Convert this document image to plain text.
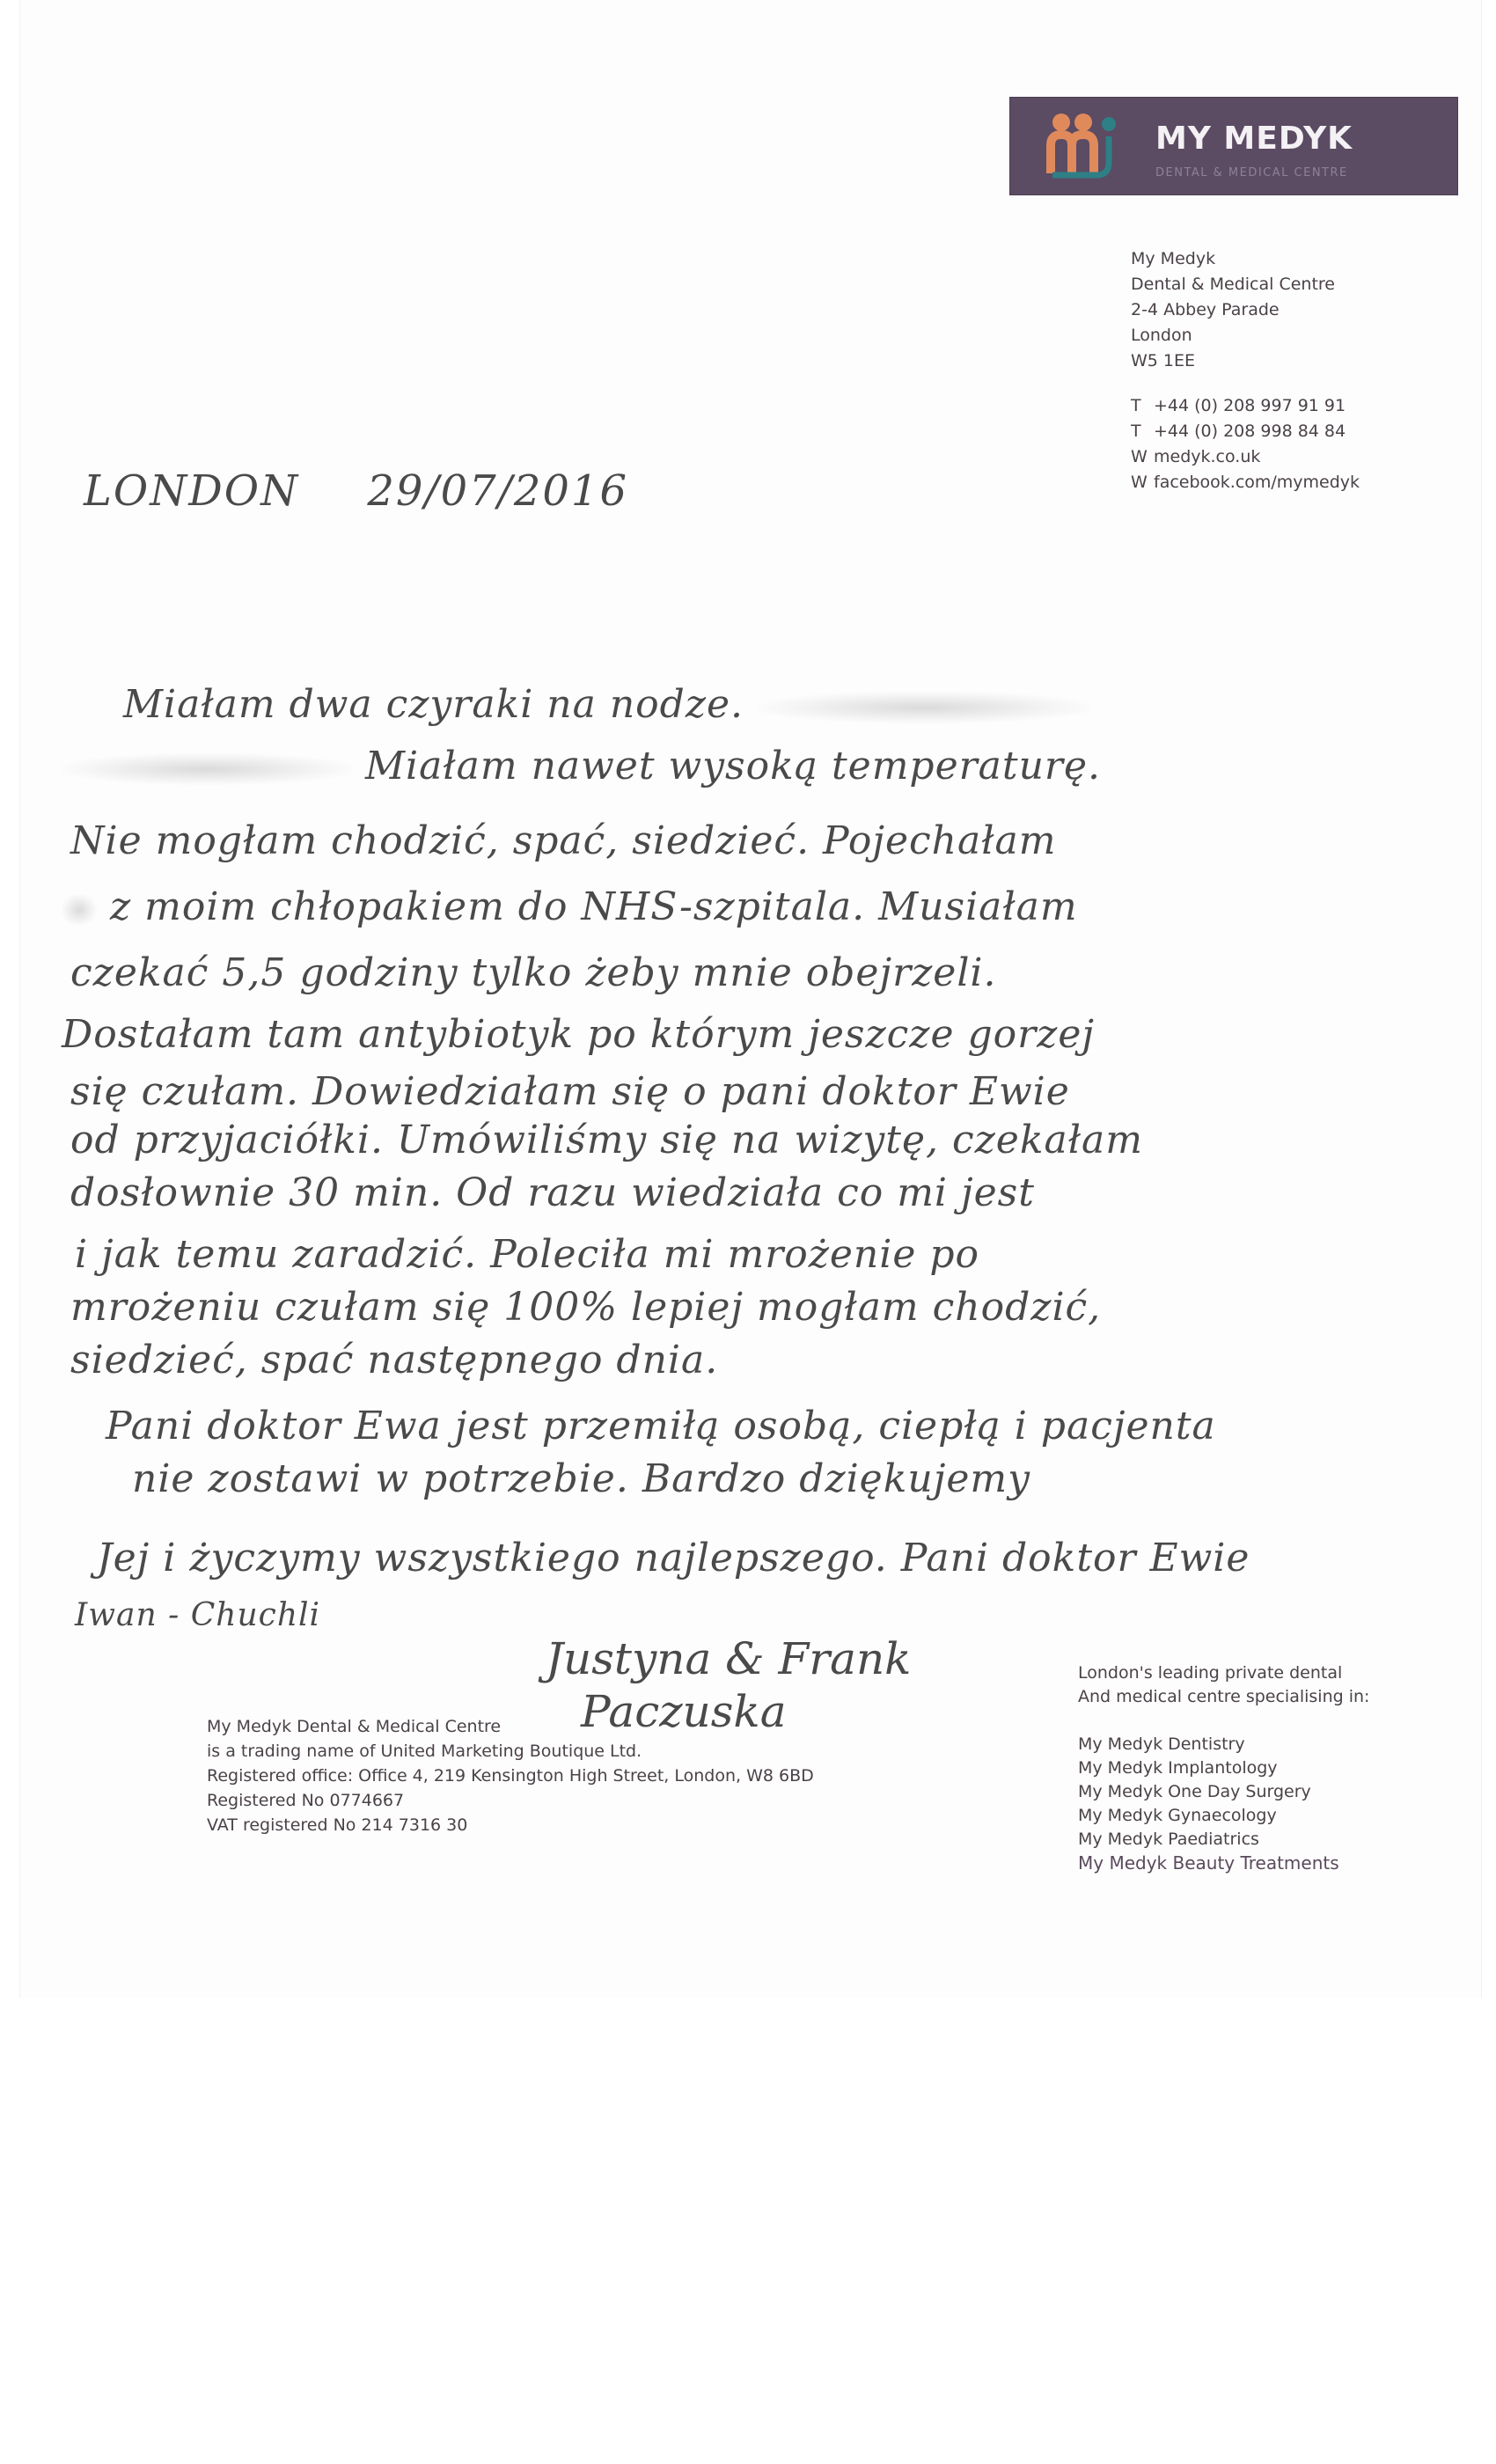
MY MEDYK
DENTAL & MEDICAL CENTRE
My Medyk
Dental & Medical Centre
2-4 Abbey Parade
London
W5 1EE
T +44 (0) 208 997 91 91
T +44 (0) 208 998 84 84
W medyk.co.uk
W facebook.com/mymedyk
LONDON 29/07/2016
Miałam dwa czyraki na nodze.
Miałam nawet wysoką temperaturę.
Nie mogłam chodzić, spać, siedzieć. Pojechałam
z moim chłopakiem do NHS-szpitala. Musiałam
czekać 5,5 godziny tylko żeby mnie obejrzeli.
Dostałam tam antybiotyk po którym jeszcze gorzej
się czułam. Dowiedziałam się o pani doktor Ewie
od przyjaciółki. Umówiliśmy się na wizytę, czekałam
dosłownie 30 min. Od razu wiedziała co mi jest
i jak temu zaradzić. Poleciła mi mrożenie po
mrożeniu czułam się 100% lepiej mogłam chodzić,
siedzieć, spać następnego dnia.
Pani doktor Ewa jest przemiłą osobą, ciepłą i pacjenta
nie zostawi w potrzebie. Bardzo dziękujemy
Jej i życzymy wszystkiego najlepszego. Pani doktor Ewie
Iwan - Chuchli
Justyna & Frank
Paczuska
My Medyk Dental & Medical Centre
is a trading name of United Marketing Boutique Ltd.
Registered office: Office 4, 219 Kensington High Street, London, W8 6BD
Registered No 0774667
VAT registered No 214 7316 30
London's leading private dental
And medical centre specialising in:
My Medyk Dentistry
My Medyk Implantology
My Medyk One Day Surgery
My Medyk Gynaecology
My Medyk Paediatrics
My Medyk Beauty Treatments
